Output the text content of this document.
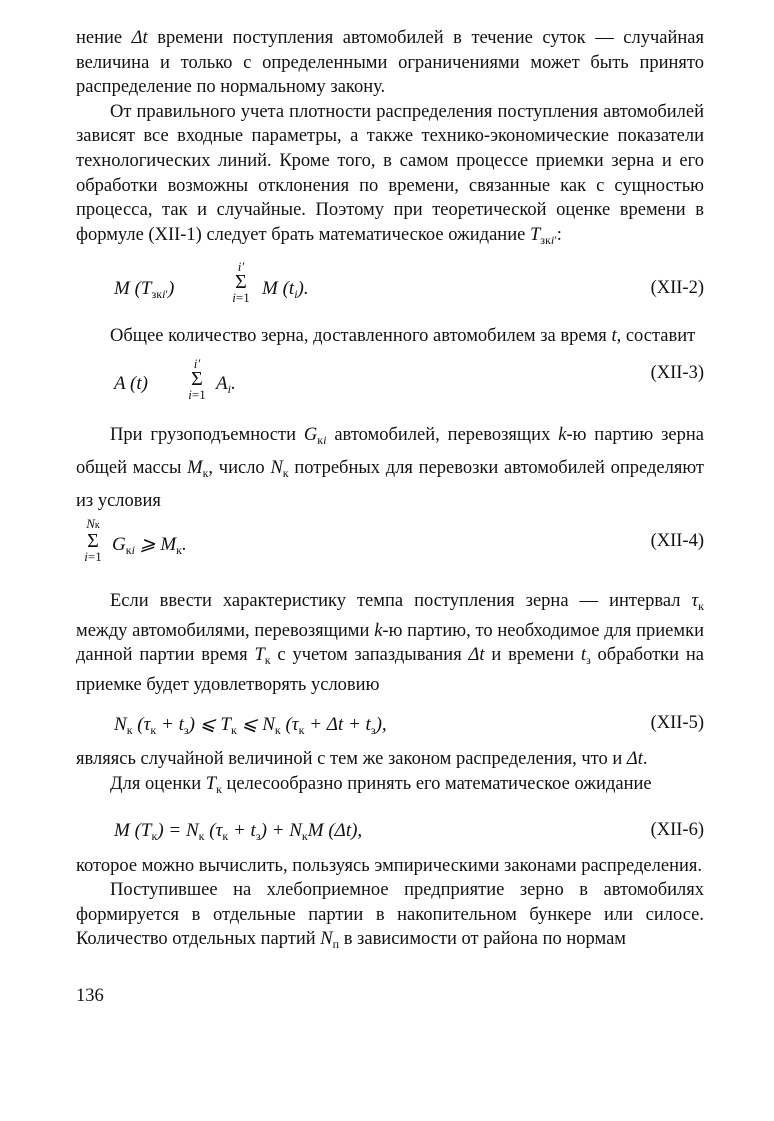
нение Δt времени поступления автомобилей в течение суток — случайная величина и только с определенными ограничениями может быть принято распределение по нормальному закону.

От правильного учета плотности распределения поступления автомобилей зависят все входные параметры, а также технико-экономические показатели технологических линий. Кроме того, в самом процессе приемки зерна и его обработки возможны отклонения по времени, связанные как с сущностью процесса, так и случайные. Поэтому при теоретической оценке времени в формуле (XII-1) следует брать математическое ожидание $T_{зкi'}$:

M $(T_{зкi'})$
i′
Σ
i=1 M $(t_i)$.	(XII-2)

Общее количество зерна, доставленного автомобилем за время t, составит

A (t)
i′
Σ
i=1
$A_i$.	(XII-3)

При грузоподъемности $G_{кi}$ автомобилей, перевозящих k-ю партию зерна общей массы $M_к$, число $N_к$ потребных для перевозки автомобилей определяют из условия

Nк
Σ
i=1
$G_{кi}$ ⩾ $M_к$.	(XII-4)

Если ввести характеристику темпа поступления зерна — интервал $\tau_к$ между автомобилями, перевозящими k-ю партию, то необходимое для приемки данной партии время $T_к$ с учетом запаздывания Δt и времени $t_з$ обработки на приемке будет удовлетворять условию

$N_к$ $(\tau_к + t_з)$ ⩽ $T_к$ ⩽ $N_к$ $(\tau_к + \Delta t + t_з)$,	(XII-5)

являясь случайной величиной с тем же законом распределения, что и Δt.

Для оценки $T_к$ целесообразно принять его математическое ожидание

M $(T_к) = N_к$ $(\tau_к + t_з) + N_кM$ (Δt),	(XII-6)

которое можно вычислить, пользуясь эмпирическими законами распределения.

Поступившее на хлебоприемное предприятие зерно в автомобилях формируется в отдельные партии в накопительном бункере или силосе. Количество отдельных партий $N_п$ в зависимости от района по нормам

136
